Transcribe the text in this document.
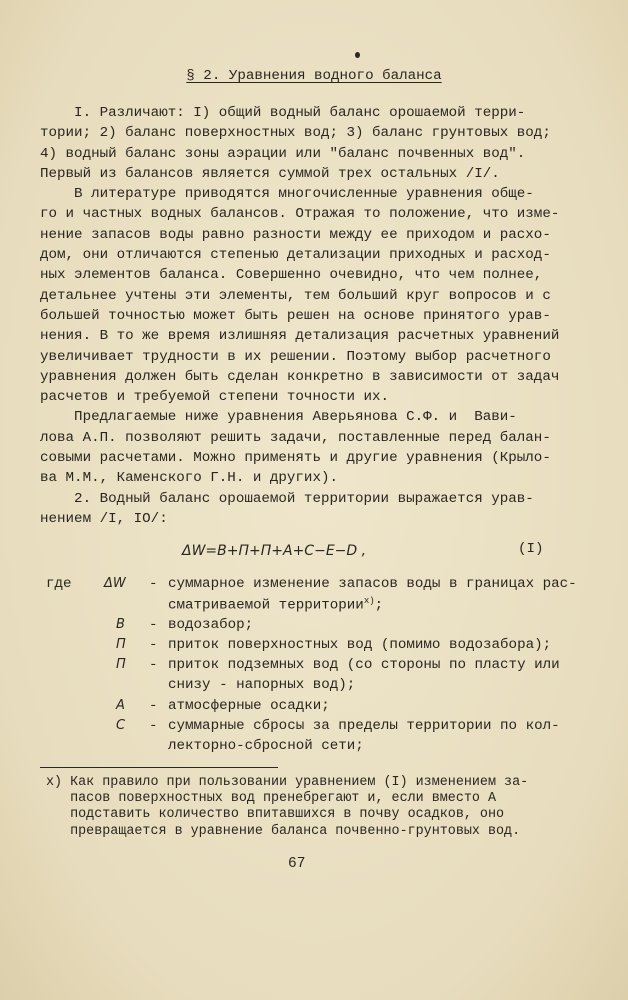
§ 2. Уравнения водного баланса
I. Различают: I) общий водный баланс орошаемой терри-
тории; 2) баланс поверхностных вод; 3) баланс грунтовых вод;
4) водный баланс зоны аэрации или "баланс почвенных вод".
Первый из балансов является суммой трех остальных /I/.
В литературе приводятся многочисленные уравнения обще-
го и частных водных балансов. Отражая то положение, что изме-
нение запасов воды равно разности между ее приходом и расхо-
дом, они отличаются степенью детализации приходных и расход-
ных элементов баланса. Совершенно очевидно, что чем полнее,
детальнее учтены эти элементы, тем больший круг вопросов и с
большей точностью может быть решен на основе принятого урав-
нения. В то же время излишняя детализация расчетных уравнений
увеличивает трудности в их решении. Поэтому выбор расчетного
уравнения должен быть сделан конкретно в зависимости от задач
расчетов и требуемой степени точности их.
Предлагаемые ниже уравнения Аверьянова С.Ф. и  Вави-
лова А.П. позволяют решить задачи, поставленные перед балан-
совыми расчетами. Можно применять и другие уравнения (Крыло-
ва М.М., Каменского Г.Н. и других).
2. Водный баланс орошаемой территории выражается урав-
нением /I, IO/:
ΔW=B+Π+П+A+C−E−D ,	(I)
где ΔW - суммарное изменение запасов воды в границах рас-
сматриваемой территории$^{x)}$;
B - водозабор;
Π - приток поверхностных вод (помимо водозабора);
П - приток подземных вод (со стороны по пласту или
снизу - напорных вод);
A - атмосферные осадки;
C - суммарные сбросы за пределы территории по кол-
лекторно-сбросной сети;
x) Как правило при пользовании уравнением (I) изменением за-
пасов поверхностных вод пренебрегают и, если вместо A
подставить количество впитавшихся в почву осадков, оно
превращается в уравнение баланса почвенно-грунтовых вод.
67
